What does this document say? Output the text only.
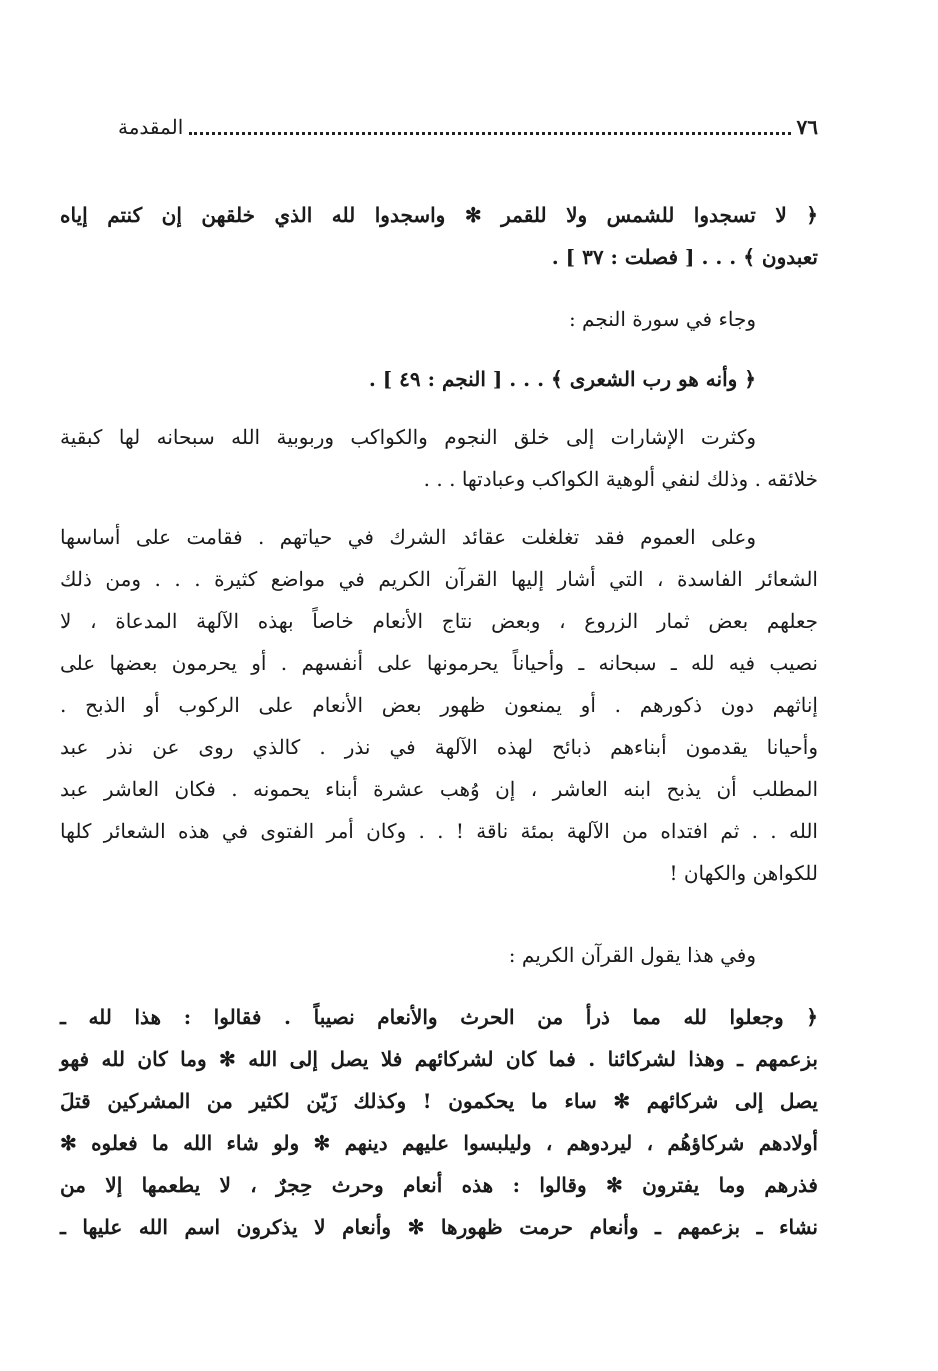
٧٦
المقدمة
﴿ لا تسجدوا للشمس ولا للقمر ✻ واسجدوا لله الذي خلقهن إن كنتم إياه
تعبدون ﴾ . . . [ فصلت : ٣٧ ] .
وجاء في سورة النجم :
﴿ وأنه هو رب الشعرى ﴾ . . . [ النجم : ٤٩ ] .
وكثرت الإشارات إلى خلق النجوم والكواكب وربوبية الله سبحانه لها كبقية
خلائقه . وذلك لنفي ألوهية الكواكب وعبادتها . . .
وعلى العموم فقد تغلغلت عقائد الشرك في حياتهم . فقامت على أساسها
الشعائر الفاسدة ، التي أشار إليها القرآن الكريم في مواضع كثيرة . . . ومن ذلك
جعلهم بعض ثمار الزروع ، وبعض نتاج الأنعام خاصاً بهذه الآلهة المدعاة ، لا
نصيب فيه لله ـ سبحانه ـ وأحياناً يحرمونها على أنفسهم . أو يحرمون بعضها على
إناثهم دون ذكورهم . أو يمنعون ظهور بعض الأنعام على الركوب أو الذبح .
وأحيانا يقدمون أبناءهم ذبائح لهذه الآلهة في نذر . كالذي روى عن نذر عبد
المطلب أن يذبح ابنه العاشر ، إن وُهب عشرة أبناء يحمونه . فكان العاشر عبد
الله . . ثم افتداه من الآلهة بمئة ناقة ! . . وكان أمر الفتوى في هذه الشعائر كلها
للكواهن والكهان !
وفي هذا يقول القرآن الكريم :
﴿ وجعلوا لله مما ذرأ من الحرث والأنعام نصيباً . فقالوا : هذا لله ـ
بزعمهم ـ وهذا لشركائنا . فما كان لشركائهم فلا يصل إلى الله ✻ وما كان لله فهو
يصل إلى شركائهم ✻ ساء ما يحكمون ! وكذلك زَيّن لكثير من المشركين قتلَ
أولادهم شركاؤهُم ، ليردوهم ، وليلبسوا عليهم دينهم ✻ ولو شاء الله ما فعلوه ✻
فذرهم وما يفترون ✻ وقالوا : هذه أنعام وحرث حِجرٌ ، لا يطعمها إلا من
نشاء ـ بزعمهم ـ وأنعام حرمت ظهورها ✻ وأنعام لا يذكرون اسم الله عليها ـ
